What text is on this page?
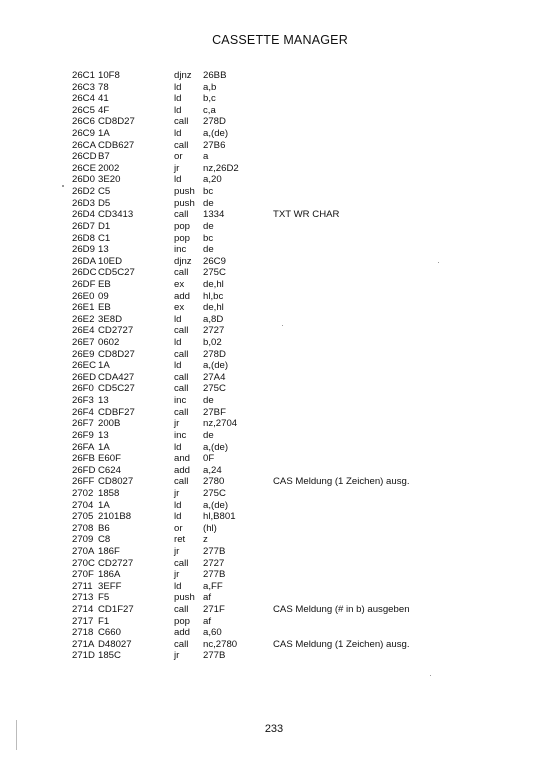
CASSETTE MANAGER
26C1 10F8	djnz 26BB
26C3 78	ld a,b
26C4 41	ld b,c
26C5 4F	ld c,a
26C6 CD8D27	call 278D
26C9 1A	ld a,(de)
26CA CDB627	call 27B6
26CD B7	or a
26CE 2002	jr nz,26D2
26D0 3E20	ld a,20
26D2 C5	push bc
26D3 D5	push de
26D4 CD3413	call 1334	TXT WR CHAR
26D7 D1	pop de
26D8 C1	pop bc
26D9 13	inc de
26DA 10ED	djnz 26C9
26DC CD5C27	call 275C
26DF EB	ex de,hl
26E0 09	add hl,bc
26E1 EB	ex de,hl
26E2 3E8D	ld a,8D
26E4 CD2727	call 2727
26E7 0602	ld b,02
26E9 CD8D27	call 278D
26EC 1A	ld a,(de)
26ED CDA427	call 27A4
26F0 CD5C27	call 275C
26F3 13	inc de
26F4 CDBF27	call 27BF
26F7 200B	jr nz,2704
26F9 13	inc de
26FA 1A	ld a,(de)
26FB E60F	and 0F
26FD C624	add a,24
26FF CD8027	call 2780	CAS Meldung (1 Zeichen) ausg.
2702 1858	jr 275C
2704 1A	ld a,(de)
2705 2101B8	ld hl,B801
2708 B6	or (hl)
2709 C8	ret z
270A 186F	jr 277B
270C CD2727	call 2727
270F 186A	jr 277B
2711 3EFF	ld a,FF
2713 F5	push af
2714 CD1F27	call 271F	CAS Meldung (# in b) ausgeben
2717 F1	pop af
2718 C660	add a,60
271A D48027	call nc,2780	CAS Meldung (1 Zeichen) ausg.
271D 185C	jr 277B
233
